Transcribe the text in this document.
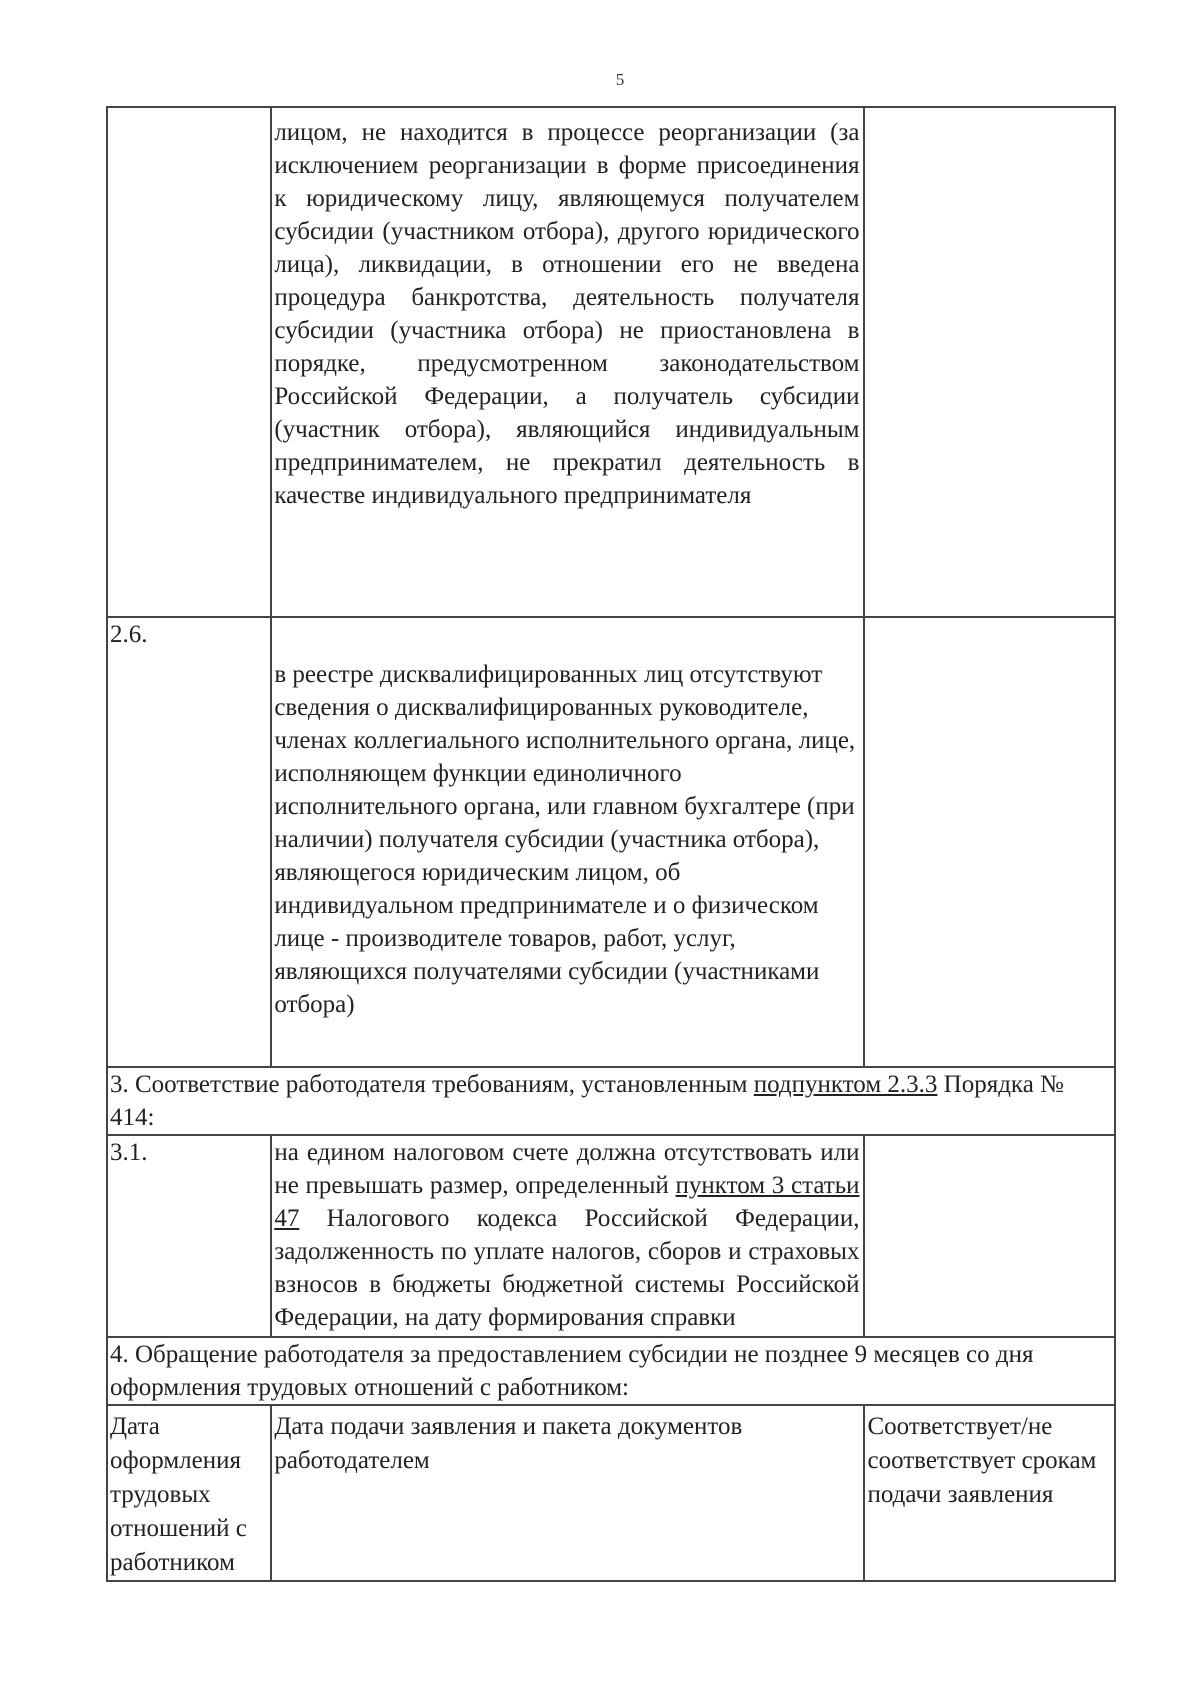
5
	лицом, не находится в процессе реорганизации (за исключением реорганизации в форме присоединения к юридическому лицу, являющемуся получателем субсидии (участником отбора), другого юридического лица), ликвидации, в отношении его не введена процедура банкротства, деятельность получателя субсидии (участника отбора) не приостановлена в порядке, предусмотренном законодательством Российской Федерации, а получатель субсидии (участник отбора), являющийся индивидуальным предпринимателем, не прекратил деятельность в качестве индивидуального предпринимателя	
2.6.	в реестре дисквалифицированных лиц отсутствуют сведения о дисквалифицированных руководителе, членах коллегиального исполнительного органа, лице, исполняющем функции единоличного исполнительного органа, или главном бухгалтере (при наличии) получателя субсидии (участника отбора), являющегося юридическим лицом, об индивидуальном предпринимателе и о физическом лице - производителе товаров, работ, услуг, являющихся получателями субсидии (участниками отбора)	

3. Соответствие работодателя требованиям, установленным подпунктом 2.3.3 Порядка № 414:		
3.1.	на едином налоговом счете должна отсутствовать или не превышать размер, определенный пунктом 3 статьи 47 Налогового кодекса Российской Федерации, задолженность по уплате налогов, сборов и страховых взносов в бюджеты бюджетной системы Российской Федерации, на дату формирования справки	
4. Обращение работодателя за предоставлением субсидии не позднее 9 месяцев со дня оформления трудовых отношений с работником:		
Дата оформления трудовых отношений с работником	Дата подачи заявления и пакета документов работодателем	Соответствует/не соответствует срокам подачи заявления
